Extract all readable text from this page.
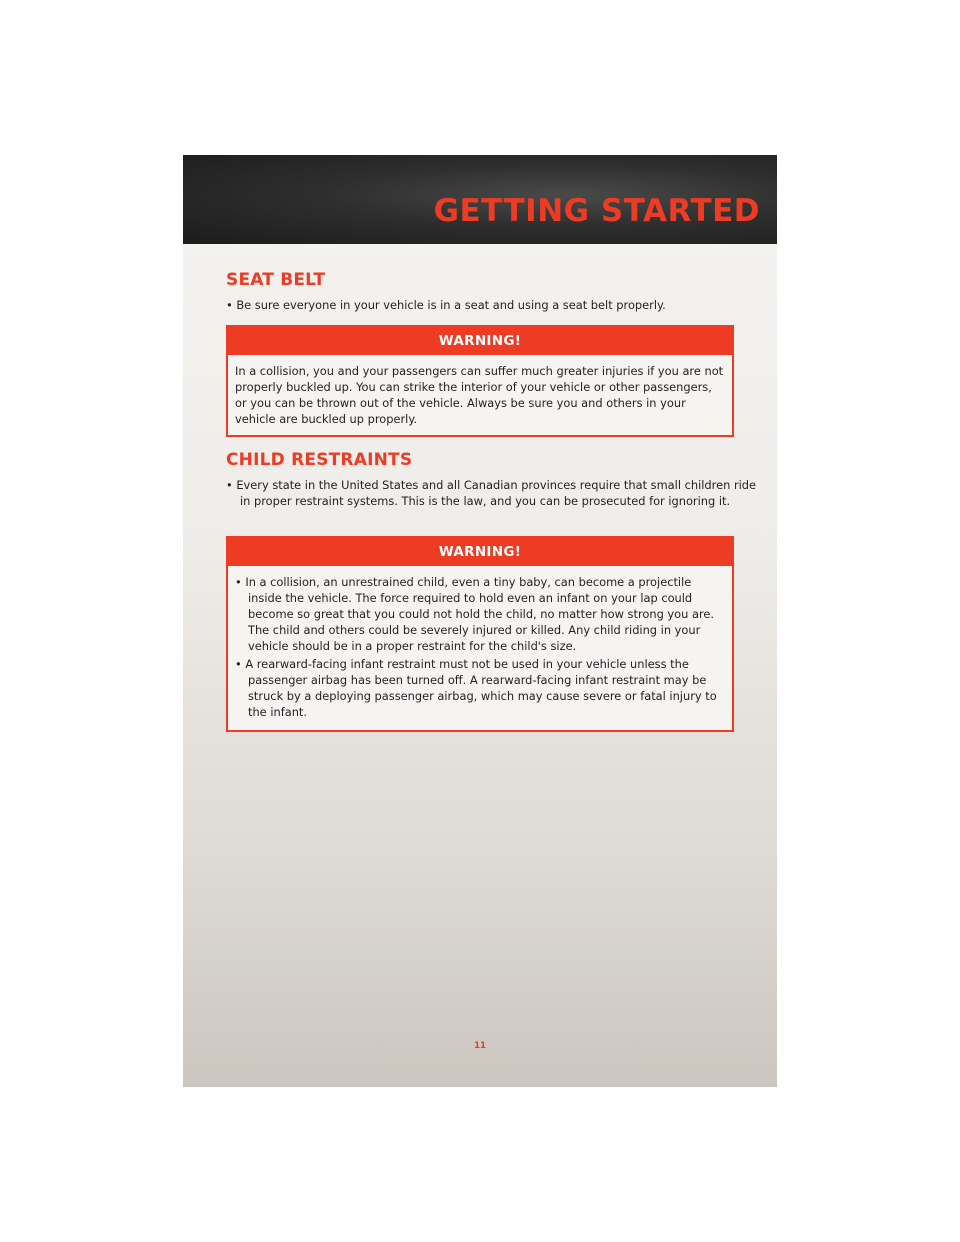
GETTING STARTED
SEAT BELT
• Be sure everyone in your vehicle is in a seat and using a seat belt properly.
WARNING!
In a collision, you and your passengers can suffer much greater injuries if you are not properly buckled up. You can strike the interior of your vehicle or other passengers, or you can be thrown out of the vehicle. Always be sure you and others in your vehicle are buckled up properly.
CHILD RESTRAINTS
• Every state in the United States and all Canadian provinces require that small children ride in proper restraint systems. This is the law, and you can be prosecuted for ignoring it.
WARNING!
• In a collision, an unrestrained child, even a tiny baby, can become a projectile inside the vehicle. The force required to hold even an infant on your lap could become so great that you could not hold the child, no matter how strong you are. The child and others could be severely injured or killed. Any child riding in your vehicle should be in a proper restraint for the child's size.
• A rearward-facing infant restraint must not be used in your vehicle unless the passenger airbag has been turned off. A rearward-facing infant restraint may be struck by a deploying passenger airbag, which may cause severe or fatal injury to the infant.
11
